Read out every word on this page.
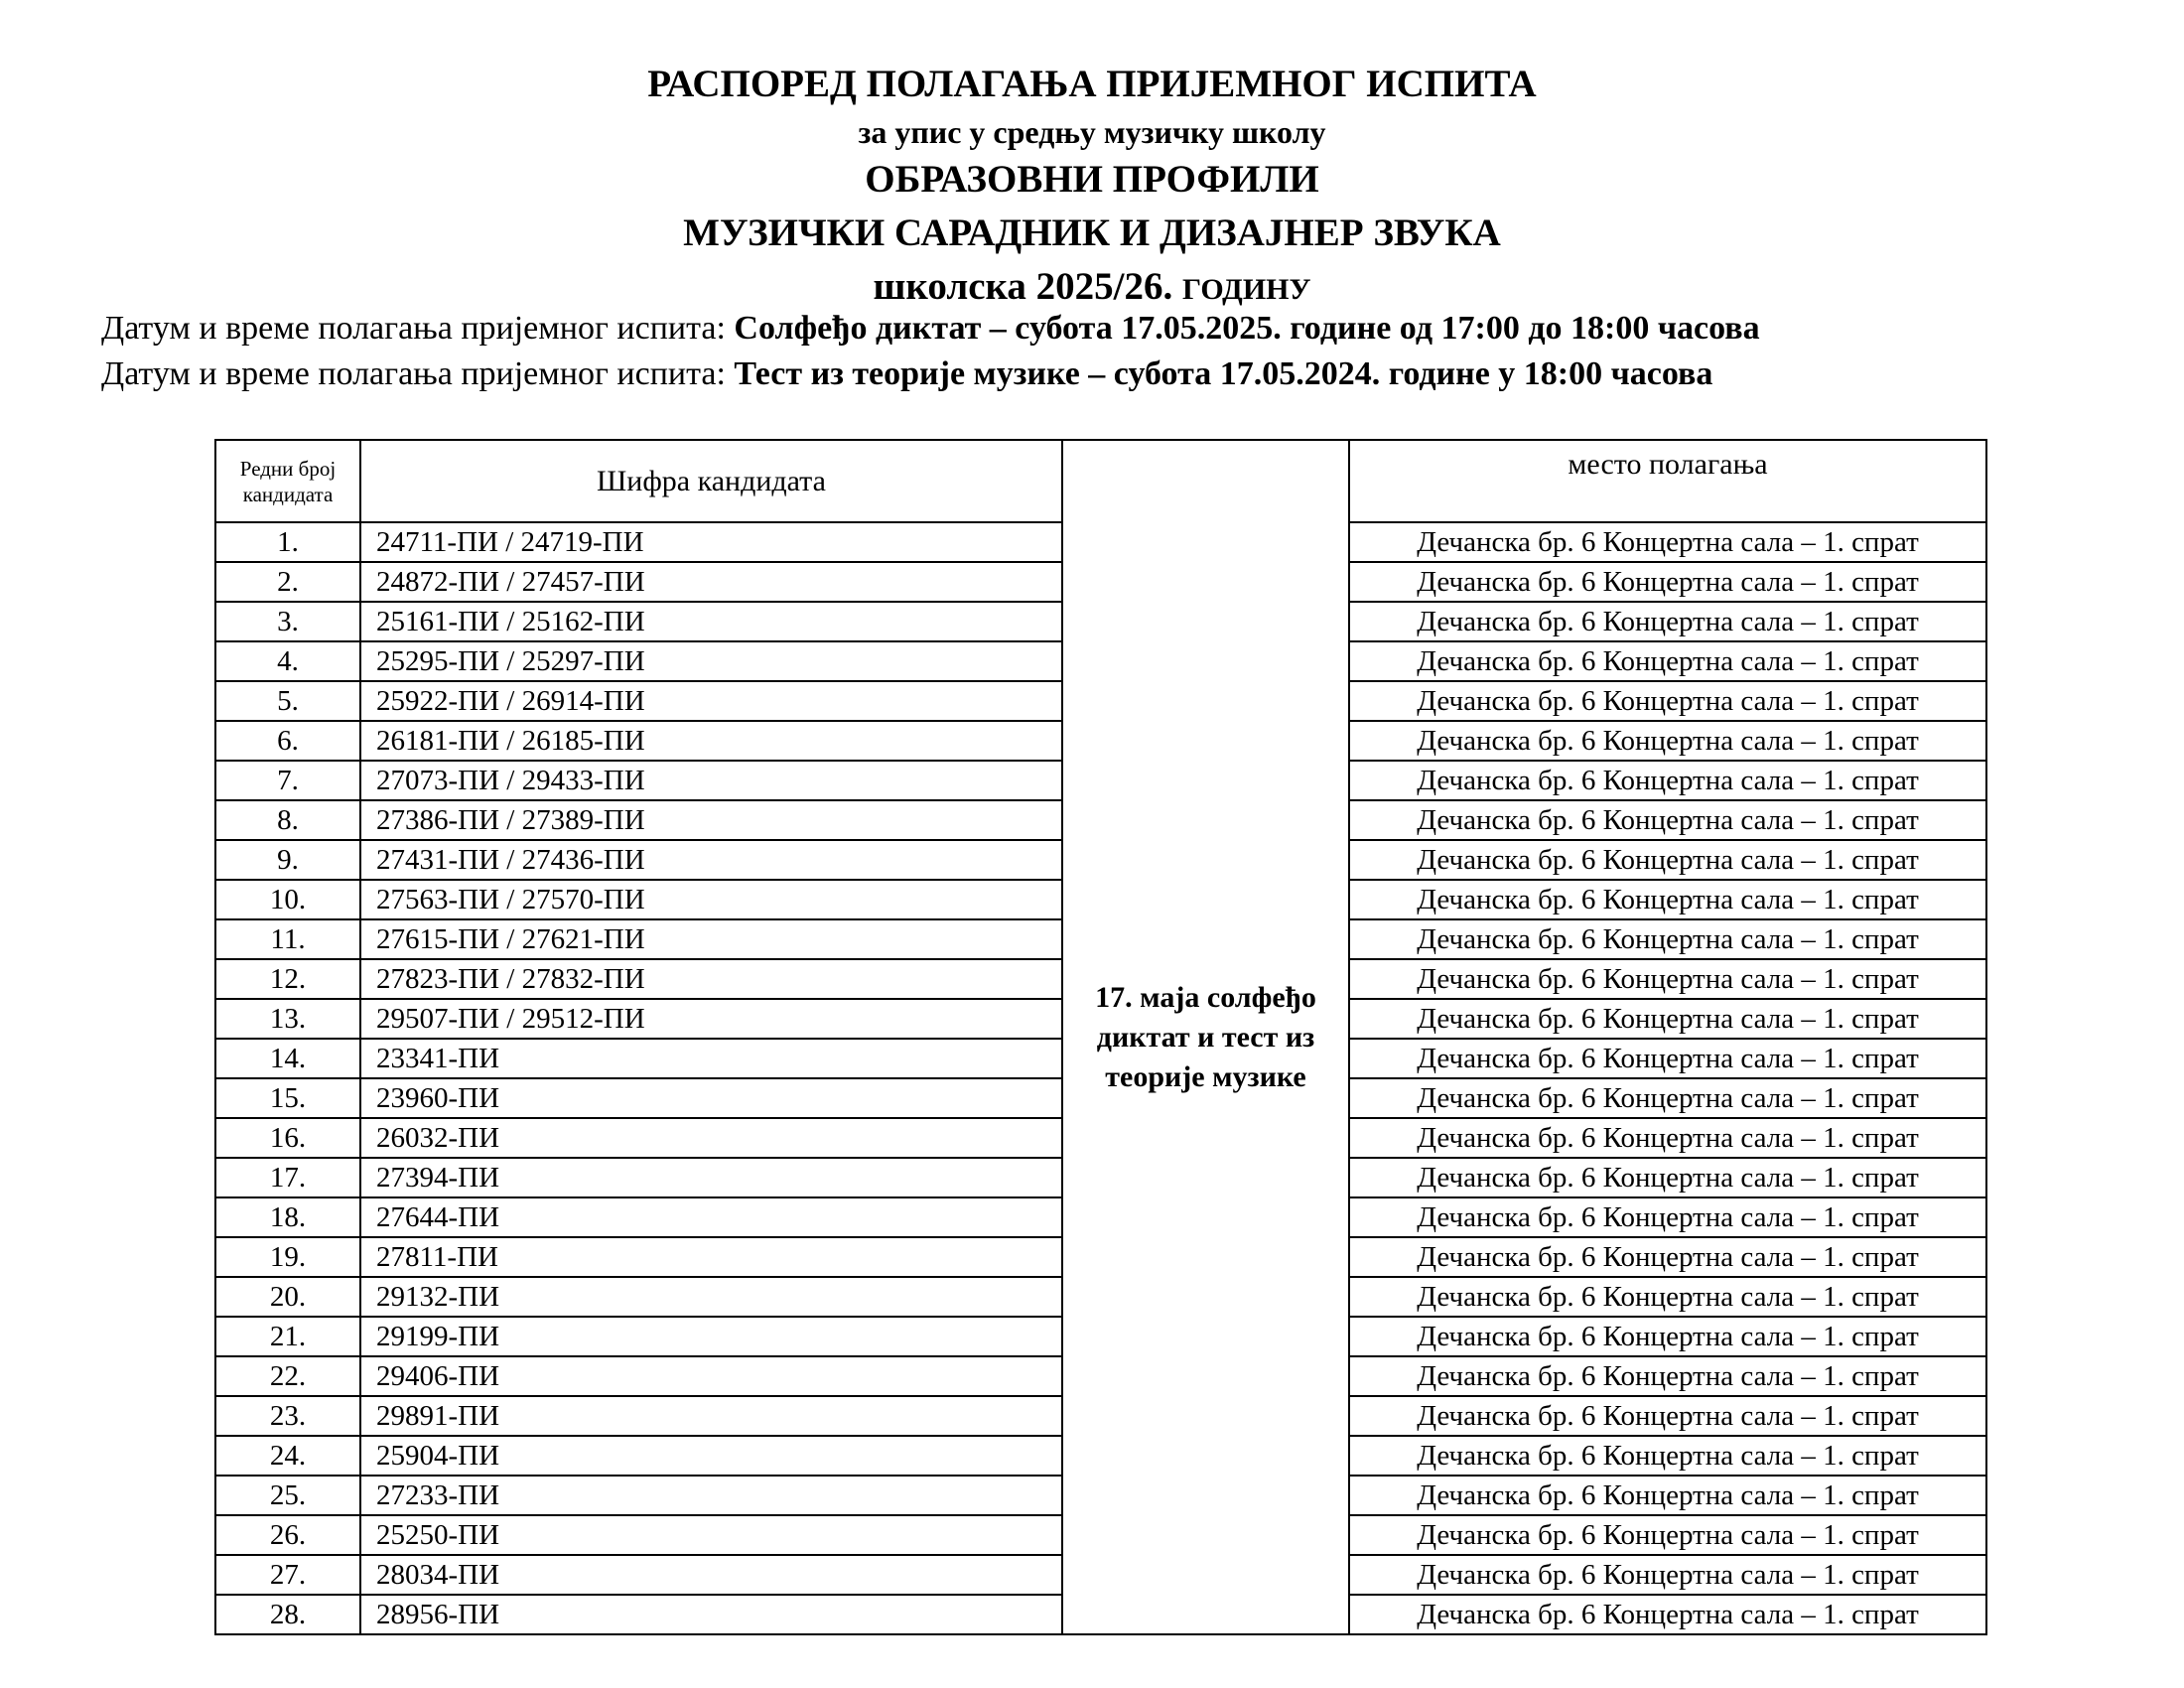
РАСПОРЕД ПОЛАГАЊА ПРИЈЕМНОГ ИСПИТА
за упис у средњу музичку школу
ОБРАЗОВНИ ПРОФИЛИ
МУЗИЧКИ САРАДНИК И ДИЗАЈНЕР ЗВУКА
школска 2025/26. ГОДИНУ
Датум и време полагања пријемног испита: Солфеђо диктат – субота 17.05.2025. године од 17:00 до 18:00 часова
Датум и време полагања пријемног испита: Тест из теорије музике – субота 17.05.2024. године у 18:00 часова
Редни број кандидата	Шифра кандидата	17. маја солфеђо диктат и тест из теорије музике	место полагања
1.	24711-ПИ / 24719-ПИ		Дечанска бр. 6 Концертна сала – 1. спрат
2.	24872-ПИ / 27457-ПИ		Дечанска бр. 6 Концертна сала – 1. спрат
3.	25161-ПИ / 25162-ПИ		Дечанска бр. 6 Концертна сала – 1. спрат
4.	25295-ПИ / 25297-ПИ		Дечанска бр. 6 Концертна сала – 1. спрат
5.	25922-ПИ / 26914-ПИ		Дечанска бр. 6 Концертна сала – 1. спрат
6.	26181-ПИ / 26185-ПИ		Дечанска бр. 6 Концертна сала – 1. спрат
7.	27073-ПИ / 29433-ПИ		Дечанска бр. 6 Концертна сала – 1. спрат
8.	27386-ПИ / 27389-ПИ		Дечанска бр. 6 Концертна сала – 1. спрат
9.	27431-ПИ / 27436-ПИ		Дечанска бр. 6 Концертна сала – 1. спрат
10.	27563-ПИ / 27570-ПИ		Дечанска бр. 6 Концертна сала – 1. спрат
11.	27615-ПИ / 27621-ПИ		Дечанска бр. 6 Концертна сала – 1. спрат
12.	27823-ПИ / 27832-ПИ		Дечанска бр. 6 Концертна сала – 1. спрат
13.	29507-ПИ / 29512-ПИ		Дечанска бр. 6 Концертна сала – 1. спрат
14.	23341-ПИ		Дечанска бр. 6 Концертна сала – 1. спрат
15.	23960-ПИ		Дечанска бр. 6 Концертна сала – 1. спрат
16.	26032-ПИ		Дечанска бр. 6 Концертна сала – 1. спрат
17.	27394-ПИ		Дечанска бр. 6 Концертна сала – 1. спрат
18.	27644-ПИ		Дечанска бр. 6 Концертна сала – 1. спрат
19.	27811-ПИ		Дечанска бр. 6 Концертна сала – 1. спрат
20.	29132-ПИ		Дечанска бр. 6 Концертна сала – 1. спрат
21.	29199-ПИ		Дечанска бр. 6 Концертна сала – 1. спрат
22.	29406-ПИ		Дечанска бр. 6 Концертна сала – 1. спрат
23.	29891-ПИ		Дечанска бр. 6 Концертна сала – 1. спрат
24.	25904-ПИ		Дечанска бр. 6 Концертна сала – 1. спрат
25.	27233-ПИ		Дечанска бр. 6 Концертна сала – 1. спрат
26.	25250-ПИ		Дечанска бр. 6 Концертна сала – 1. спрат
27.	28034-ПИ		Дечанска бр. 6 Концертна сала – 1. спрат
28.	28956-ПИ		Дечанска бр. 6 Концертна сала – 1. спрат
